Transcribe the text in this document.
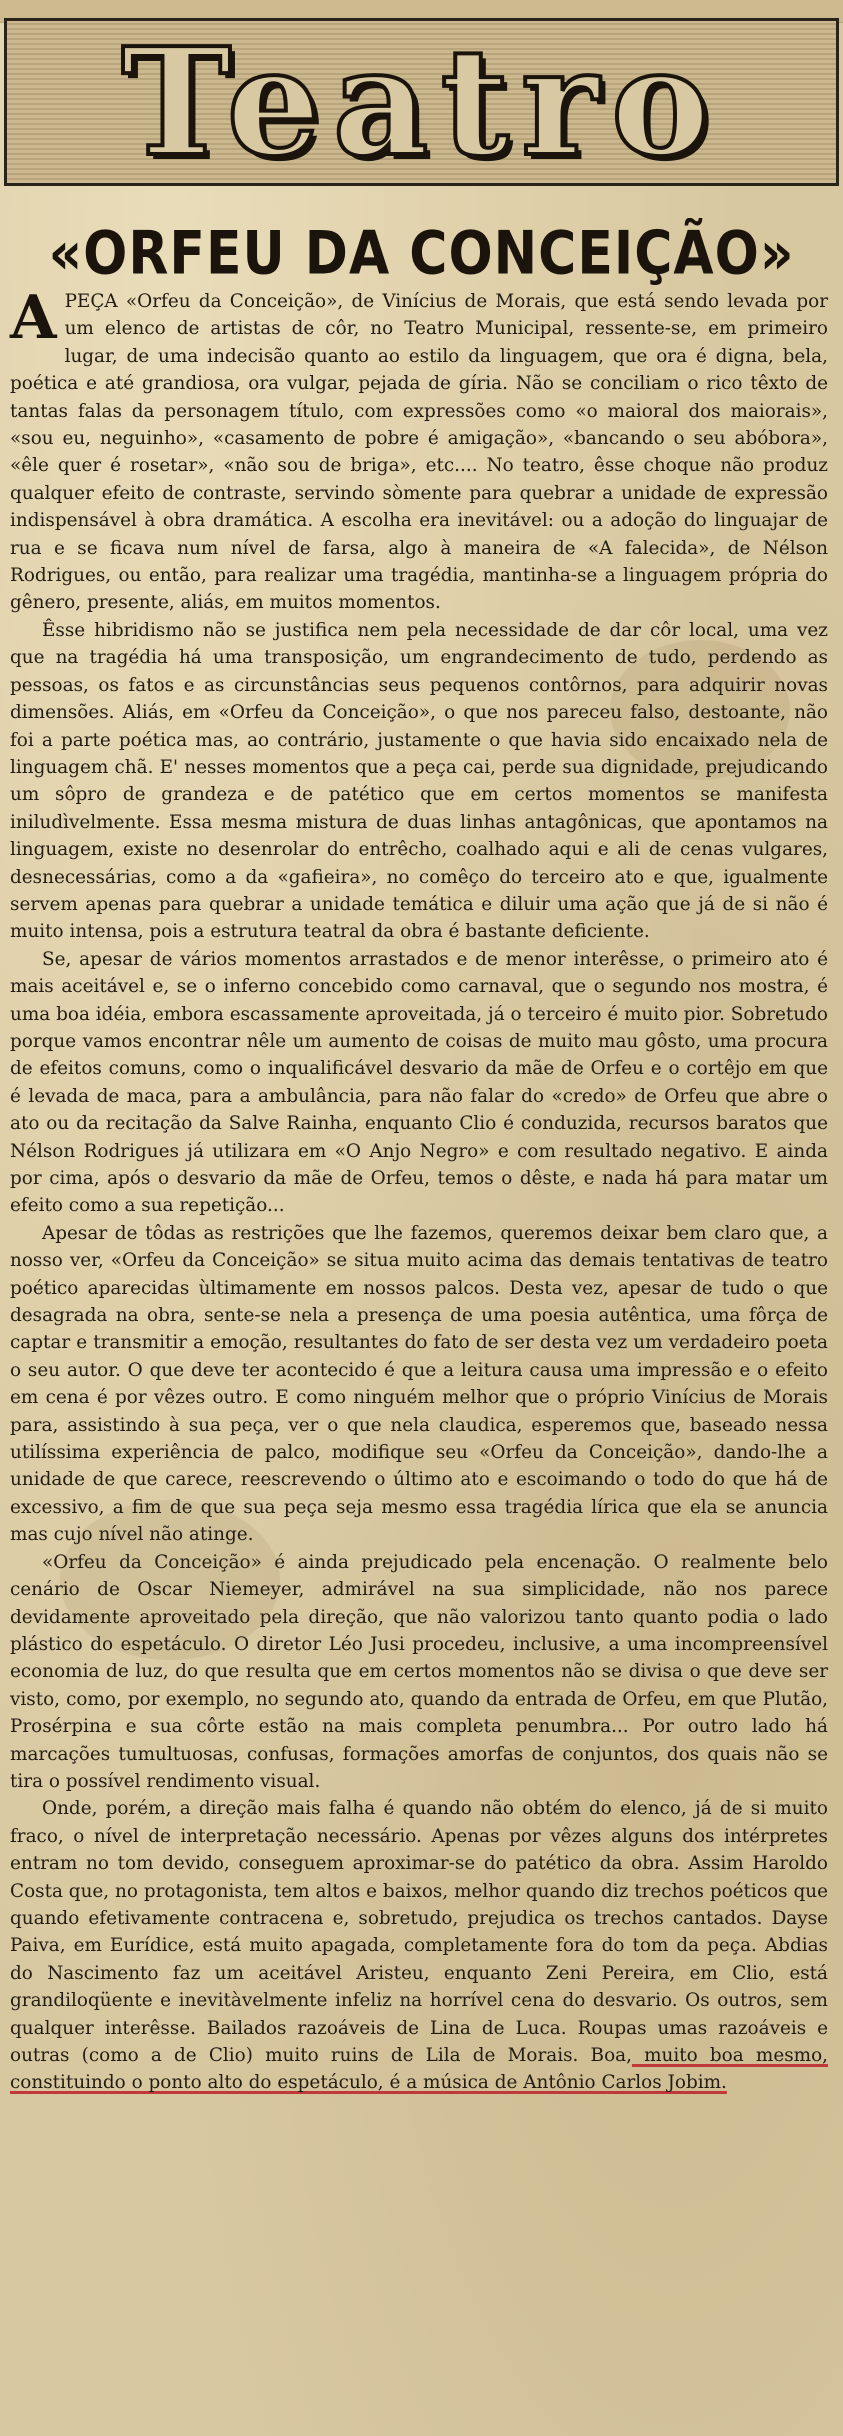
Teatro
«ORFEU DA CONCEIÇÃO»

A PEÇA «Orfeu da Conceição», de Vinícius de Morais, que está sendo levada por um elenco de artistas de côr, no Teatro Municipal, ressente-se, em primeiro lugar, de uma indecisão quanto ao estilo da linguagem, que ora é digna, bela, poética e até grandiosa, ora vulgar, pejada de gíria. Não se conciliam o rico têxto de tantas falas da personagem título, com expressões como «o maioral dos maiorais», «sou eu, neguinho», «casamento de pobre é amigação», «bancando o seu abóbora», «êle quer é rosetar», «não sou de briga», etc.... No teatro, êsse choque não produz qualquer efeito de contraste, servindo sòmente para quebrar a unidade de expressão indispensável à obra dramática. A escolha era inevitável: ou a adoção do linguajar de rua e se ficava num nível de farsa, algo à maneira de «A falecida», de Nélson Rodrigues, ou então, para realizar uma tragédia, mantinha-se a linguagem própria do gênero, presente, aliás, em muitos momentos.

Êsse hibridismo não se justifica nem pela necessidade de dar côr local, uma vez que na tragédia há uma transposição, um engrandecimento de tudo, perdendo as pessoas, os fatos e as circunstâncias seus pequenos contôrnos, para adquirir novas dimensões. Aliás, em «Orfeu da Conceição», o que nos pareceu falso, destoante, não foi a parte poética mas, ao contrário, justamente o que havia sido encaixado nela de linguagem chã. E' nesses momentos que a peça cai, perde sua dignidade, prejudicando um sôpro de grandeza e de patético que em certos momentos se manifesta iniludìvelmente. Essa mesma mistura de duas linhas antagônicas, que apontamos na linguagem, existe no desenrolar do entrêcho, coalhado aqui e ali de cenas vulgares, desnecessárias, como a da «gafieira», no comêço do terceiro ato e que, igualmente servem apenas para quebrar a unidade temática e diluir uma ação que já de si não é muito intensa, pois a estrutura teatral da obra é bastante deficiente.

Se, apesar de vários momentos arrastados e de menor interêsse, o primeiro ato é mais aceitável e, se o inferno concebido como carnaval, que o segundo nos mostra, é uma boa idéia, embora escassamente aproveitada, já o terceiro é muito pior. Sobretudo porque vamos encontrar nêle um aumento de coisas de muito mau gôsto, uma procura de efeitos comuns, como o inqualificável desvario da mãe de Orfeu e o cortêjo em que é levada de maca, para a ambulância, para não falar do «credo» de Orfeu que abre o ato ou da recitação da Salve Rainha, enquanto Clio é conduzida, recursos baratos que Nélson Rodrigues já utilizara em «O Anjo Negro» e com resultado negativo. E ainda por cima, após o desvario da mãe de Orfeu, temos o dêste, e nada há para matar um efeito como a sua repetição...

Apesar de tôdas as restrições que lhe fazemos, queremos deixar bem claro que, a nosso ver, «Orfeu da Conceição» se situa muito acima das demais tentativas de teatro poético aparecidas ùltimamente em nossos palcos. Desta vez, apesar de tudo o que desagrada na obra, sente-se nela a presença de uma poesia autêntica, uma fôrça de captar e transmitir a emoção, resultantes do fato de ser desta vez um verdadeiro poeta o seu autor. O que deve ter acontecido é que a leitura causa uma impressão e o efeito em cena é por vêzes outro. E como ninguém melhor que o próprio Vinícius de Morais para, assistindo à sua peça, ver o que nela claudica, esperemos que, baseado nessa utilíssima experiência de palco, modifique seu «Orfeu da Conceição», dando-lhe a unidade de que carece, reescrevendo o último ato e escoimando o todo do que há de excessivo, a fim de que sua peça seja mesmo essa tragédia lírica que ela se anuncia mas cujo nível não atinge.

«Orfeu da Conceição» é ainda prejudicado pela encenação. O realmente belo cenário de Oscar Niemeyer, admirável na sua simplicidade, não nos parece devidamente aproveitado pela direção, que não valorizou tanto quanto podia o lado plástico do espetáculo. O diretor Léo Jusi procedeu, inclusive, a uma incompreensível economia de luz, do que resulta que em certos momentos não se divisa o que deve ser visto, como, por exemplo, no segundo ato, quando da entrada de Orfeu, em que Plutão, Prosérpina e sua côrte estão na mais completa penumbra... Por outro lado há marcações tumultuosas, confusas, formações amorfas de conjuntos, dos quais não se tira o possível rendimento visual.

Onde, porém, a direção mais falha é quando não obtém do elenco, já de si muito fraco, o nível de interpretação necessário. Apenas por vêzes alguns dos intérpretes entram no tom devido, conseguem aproximar-se do patético da obra. Assim Haroldo Costa que, no protagonista, tem altos e baixos, melhor quando diz trechos poéticos que quando efetivamente contracena e, sobretudo, prejudica os trechos cantados. Dayse Paiva, em Eurídice, está muito apagada, completamente fora do tom da peça. Abdias do Nascimento faz um aceitável Aristeu, enquanto Zeni Pereira, em Clio, está grandiloqüente e inevitàvelmente infeliz na horrível cena do desvario. Os outros, sem qualquer interêsse. Bailados razoáveis de Lina de Luca. Roupas umas razoáveis e outras (como a de Clio) muito ruins de Lila de Morais. Boa, muito boa mesmo, constituindo o ponto alto do espetáculo, é a música de Antônio Carlos Jobim.
